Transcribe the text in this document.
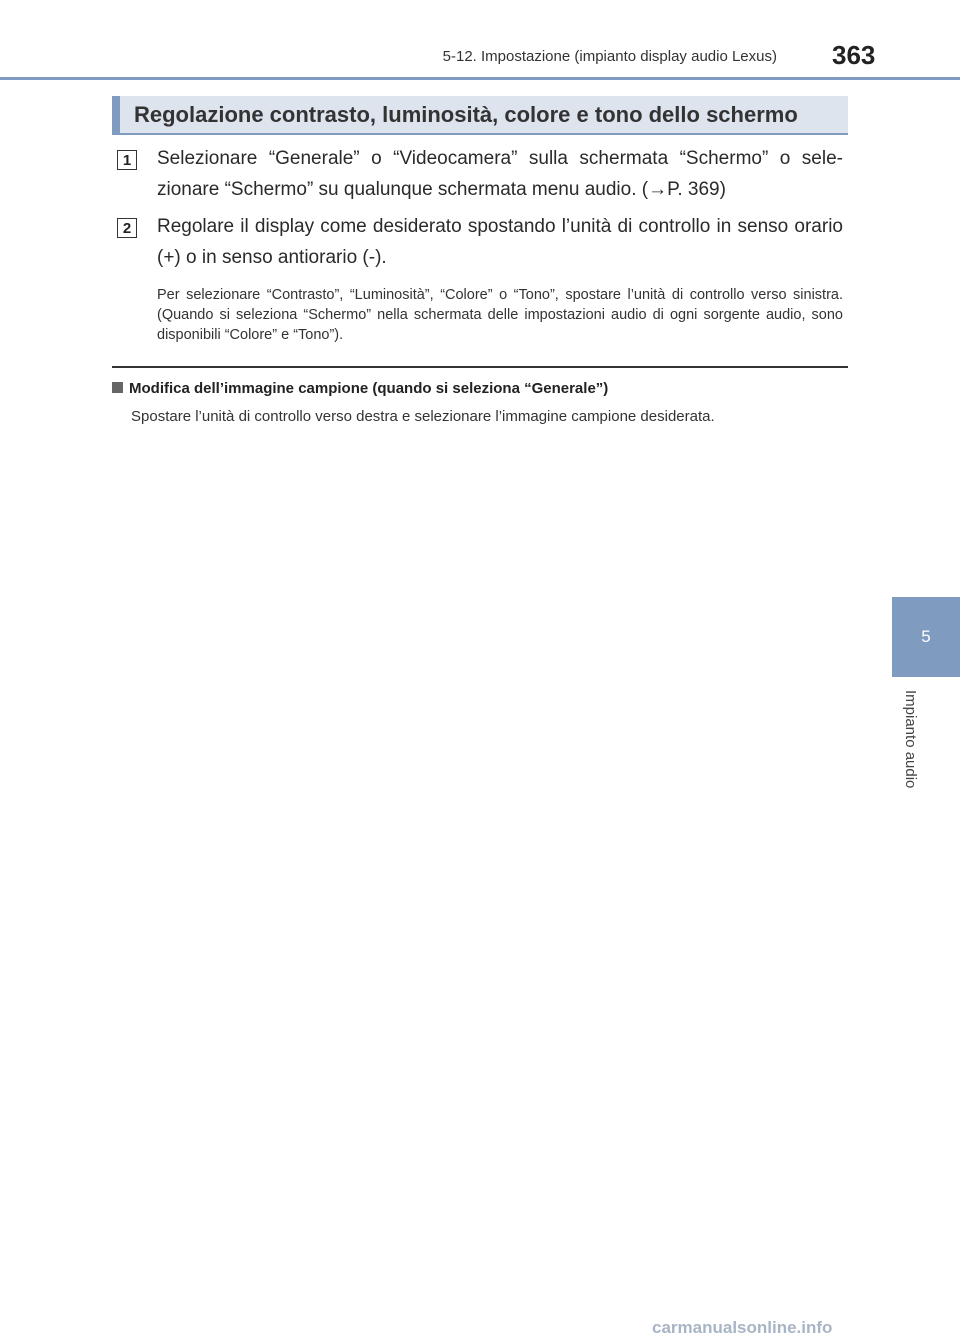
5-12. Impostazione (impianto display audio Lexus) 363
5
Impianto audio
Regolazione contrasto, luminosità, colore e tono dello schermo
1	Selezionare “Generale” o “Videocamera” sulla schermata “Schermo” o sele-zionare “Schermo” su qualunque schermata menu audio. (→P. 369)
2	Regolare il display come desiderato spostando l’unità di controllo in senso orario (+) o in senso antiorario (-).
Per selezionare “Contrasto”, “Luminosità”, “Colore” o “Tono”, spostare l’unità di controllo verso sinistra. (Quando si seleziona “Schermo” nella schermata delle impostazioni audio di ogni sorgente audio, sono disponibili “Colore” e “Tono”).
Modifica dell’immagine campione (quando si seleziona “Generale”)
Spostare l’unità di controllo verso destra e selezionare l’immagine campione desiderata.
carmanualsonline.info
